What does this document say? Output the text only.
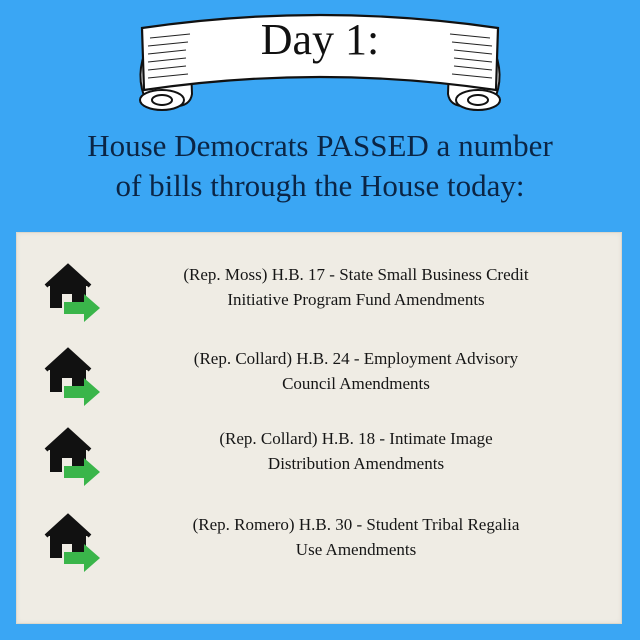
Day 1:
House Democrats PASSED a number
of bills through the House today:
(Rep. Moss) H.B. 17 - State Small Business Credit
Initiative Program Fund Amendments
(Rep. Collard) H.B. 24 - Employment Advisory
Council Amendments
(Rep. Collard) H.B. 18 - Intimate Image
Distribution Amendments
(Rep. Romero) H.B. 30 - Student Tribal Regalia
Use Amendments
